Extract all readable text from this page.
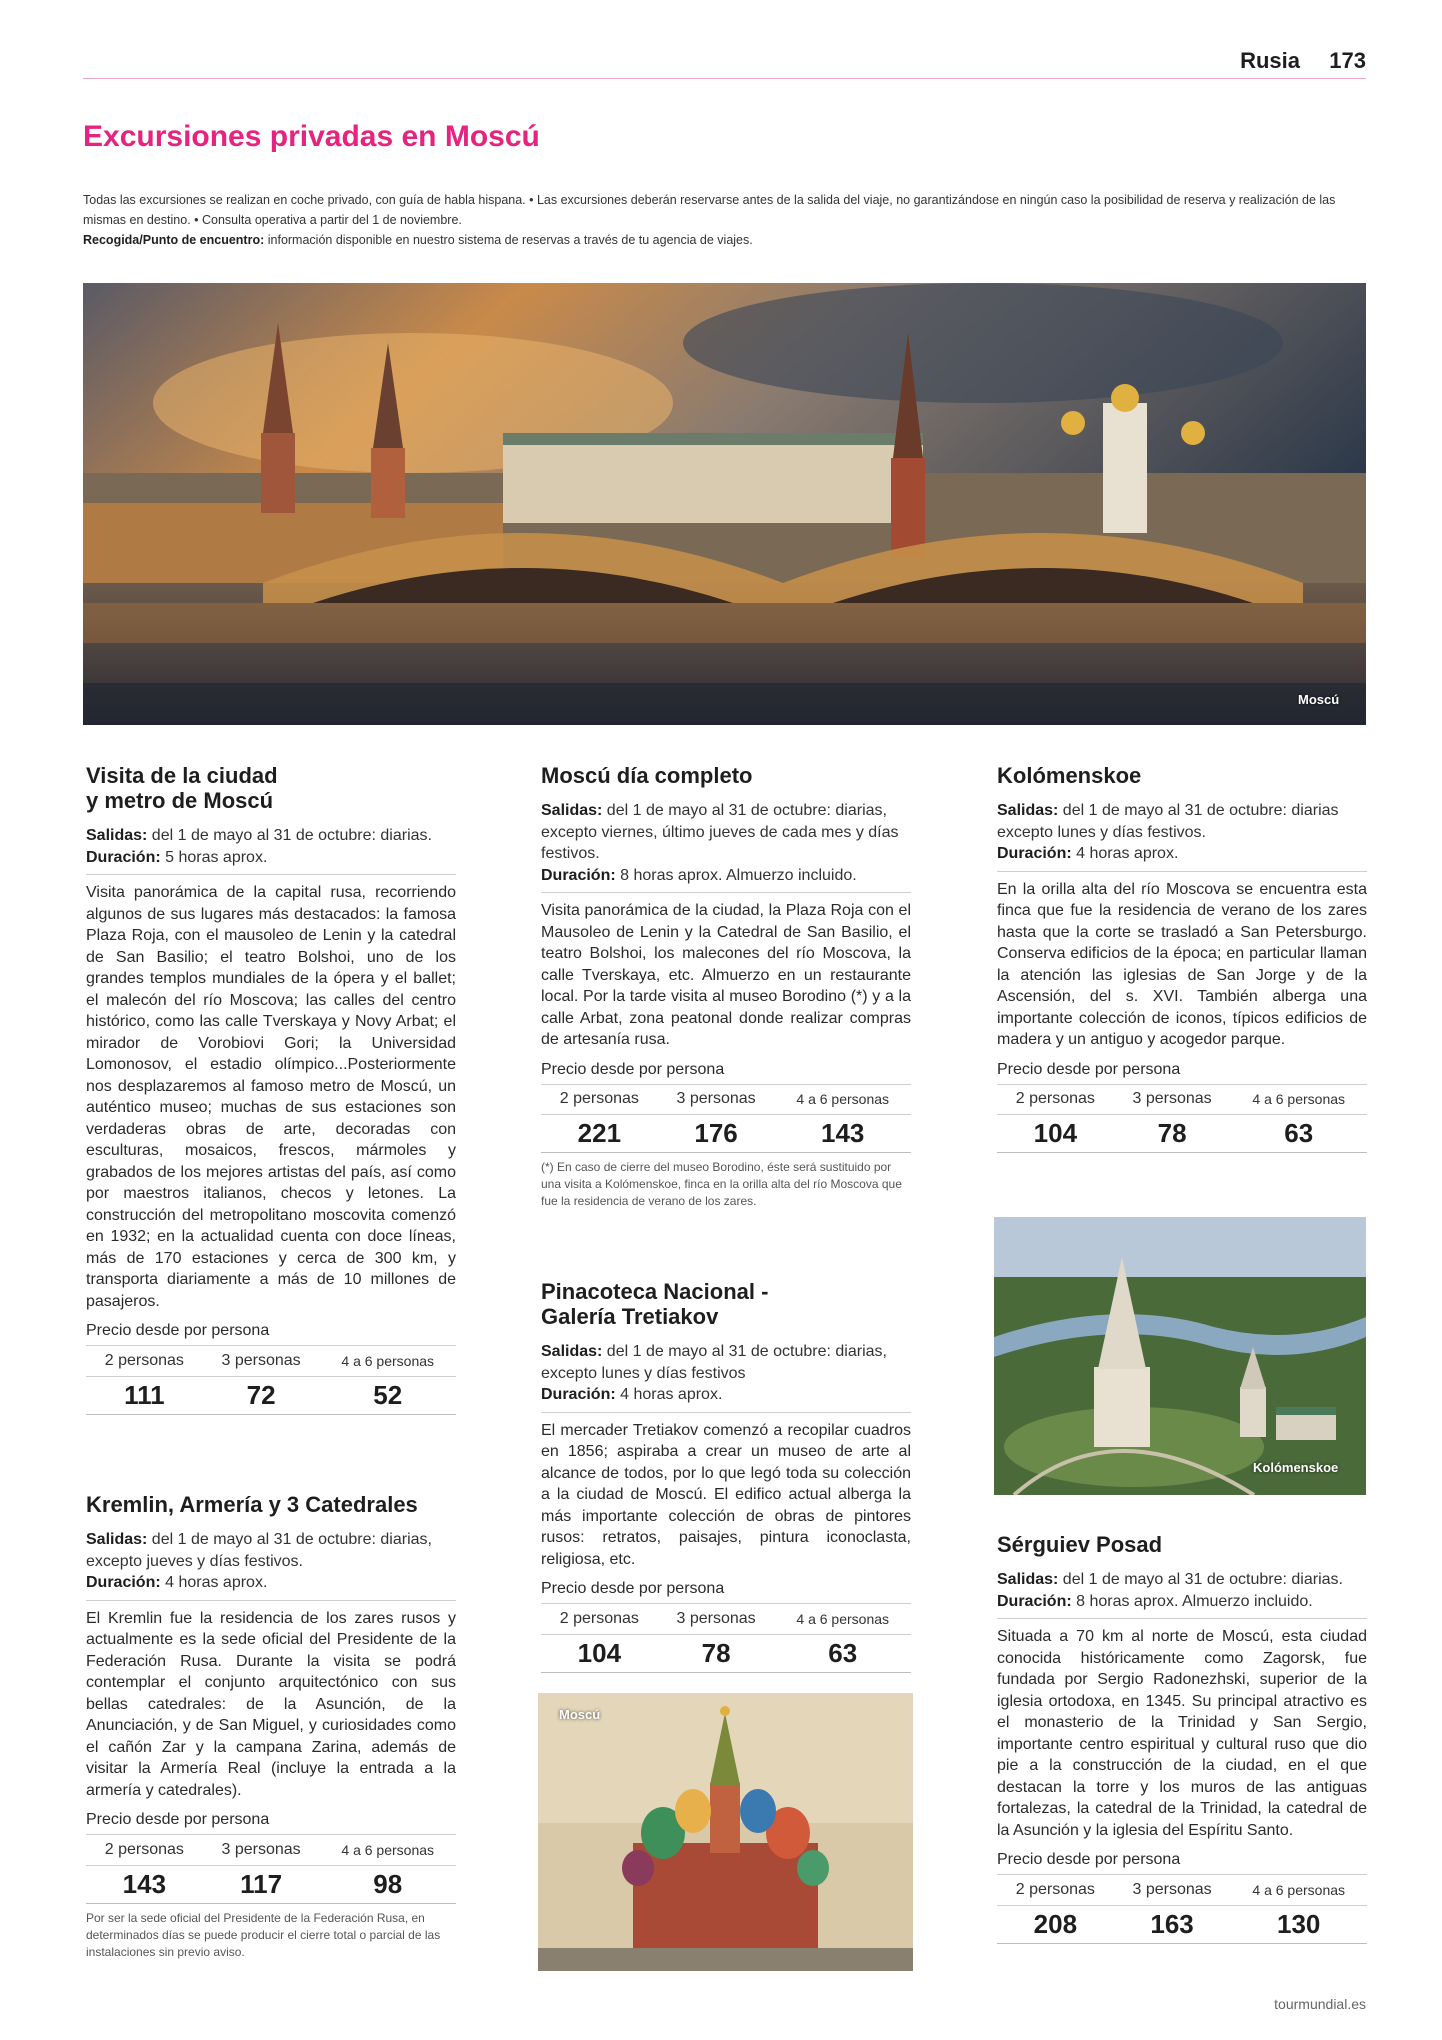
Rusia 173
Excursiones privadas en Moscú

Todas las excursiones se realizan en coche privado, con guía de habla hispana. • Las excursiones deberán reservarse antes de la salida del viaje, no garantizándose en ningún caso la posibilidad de reserva y realización de las mismas en destino. • Consulta operativa a partir del 1 de noviembre.

Recogida/Punto de encuentro: información disponible en nuestro sistema de reservas a través de tu agencia de viajes.

Moscú
Visita de la ciudad
y metro de Moscú
Salidas: del 1 de mayo al 31 de octubre: diarias.
Duración: 5 horas aprox.

Visita panorámica de la capital rusa, recorriendo algunos de sus lugares más destacados: la famosa Plaza Roja, con el mausoleo de Lenin y la catedral de San Basilio; el teatro Bolshoi, uno de los grandes templos mundiales de la ópera y el ballet; el malecón del río Moscova; las calles del centro histórico, como las calle Tverskaya y Novy Arbat; el mirador de Vorobiovi Gori; la Universidad Lomonosov, el estadio olímpico...Posteriormente nos desplazaremos al famoso metro de Moscú, un auténtico museo; muchas de sus estaciones son verdaderas obras de arte, decoradas con esculturas, mosaicos, frescos, mármoles y grabados de los mejores artistas del país, así como por maestros italianos, checos y letones. La construcción del metropolitano moscovita comenzó en 1932; en la actualidad cuenta con doce líneas, más de 170 estaciones y cerca de 300 km, y transporta diariamente a más de 10 millones de pasajeros.

Precio desde por persona
2 personas	3 personas	4 a 6 personas
111	72	52
Kremlin, Armería y 3 Catedrales
Salidas: del 1 de mayo al 31 de octubre: diarias, excepto jueves y días festivos.
Duración: 4 horas aprox.

El Kremlin fue la residencia de los zares rusos y actualmente es la sede oficial del Presidente de la Federación Rusa. Durante la visita se podrá contemplar el conjunto arquitectónico con sus bellas catedrales: de la Asunción, de la Anunciación, y de San Miguel, y curiosidades como el cañón Zar y la campana Zarina, además de visitar la Armería Real (incluye la entrada a la armería y catedrales).

Precio desde por persona
2 personas	3 personas	4 a 6 personas
143	117	98

Por ser la sede oficial del Presidente de la Federación Rusa, en determinados días se puede producir el cierre total o parcial de las instalaciones sin previo aviso.

Moscú día completo
Salidas: del 1 de mayo al 31 de octubre: diarias, excepto viernes, último jueves de cada mes y días festivos.
Duración: 8 horas aprox. Almuerzo incluido.

Visita panorámica de la ciudad, la Plaza Roja con el Mausoleo de Lenin y la Catedral de San Basilio, el teatro Bolshoi, los malecones del río Moscova, la calle Tverskaya, etc. Almuerzo en un restaurante local. Por la tarde visita al museo Borodino (*) y a la calle Arbat, zona peatonal donde realizar compras de artesanía rusa.

Precio desde por persona
2 personas	3 personas	4 a 6 personas
221	176	143

(*) En caso de cierre del museo Borodino, éste será sustituido por una visita a Kolómenskoe, finca en la orilla alta del río Moscova que fue la residencia de verano de los zares.

Pinacoteca Nacional -
Galería Tretiakov
Salidas: del 1 de mayo al 31 de octubre: diarias, excepto lunes y días festivos
Duración: 4 horas aprox.

El mercader Tretiakov comenzó a recopilar cuadros en 1856; aspiraba a crear un museo de arte al alcance de todos, por lo que legó toda su colección a la ciudad de Moscú. El edifico actual alberga la más importante colección de obras de pintores rusos: retratos, paisajes, pintura iconoclasta, religiosa, etc.

Precio desde por persona
2 personas	3 personas	4 a 6 personas
104	78	63
Moscú
Kolómenskoe
Salidas: del 1 de mayo al 31 de octubre: diarias excepto lunes y días festivos.
Duración: 4 horas aprox.

En la orilla alta del río Moscova se encuentra esta finca que fue la residencia de verano de los zares hasta que la corte se trasladó a San Petersburgo. Conserva edificios de la época; en particular llaman la atención las iglesias de San Jorge y de la Ascensión, del s. XVI. También alberga una importante colección de iconos, típicos edificios de madera y un antiguo y acogedor parque.

Precio desde por persona
2 personas	3 personas	4 a 6 personas
104	78	63
Kolómenskoe
Sérguiev Posad
Salidas: del 1 de mayo al 31 de octubre: diarias.
Duración: 8 horas aprox. Almuerzo incluido.

Situada a 70 km al norte de Moscú, esta ciudad conocida históricamente como Zagorsk, fue fundada por Sergio Radonezhski, superior de la iglesia ortodoxa, en 1345. Su principal atractivo es el monasterio de la Trinidad y San Sergio, importante centro espiritual y cultural ruso que dio pie a la construcción de la ciudad, en el que destacan la torre y los muros de las antiguas fortalezas, la catedral de la Trinidad, la catedral de la Asunción y la iglesia del Espíritu Santo.

Precio desde por persona
2 personas	3 personas	4 a 6 personas
208	163	130
tourmundial.es
